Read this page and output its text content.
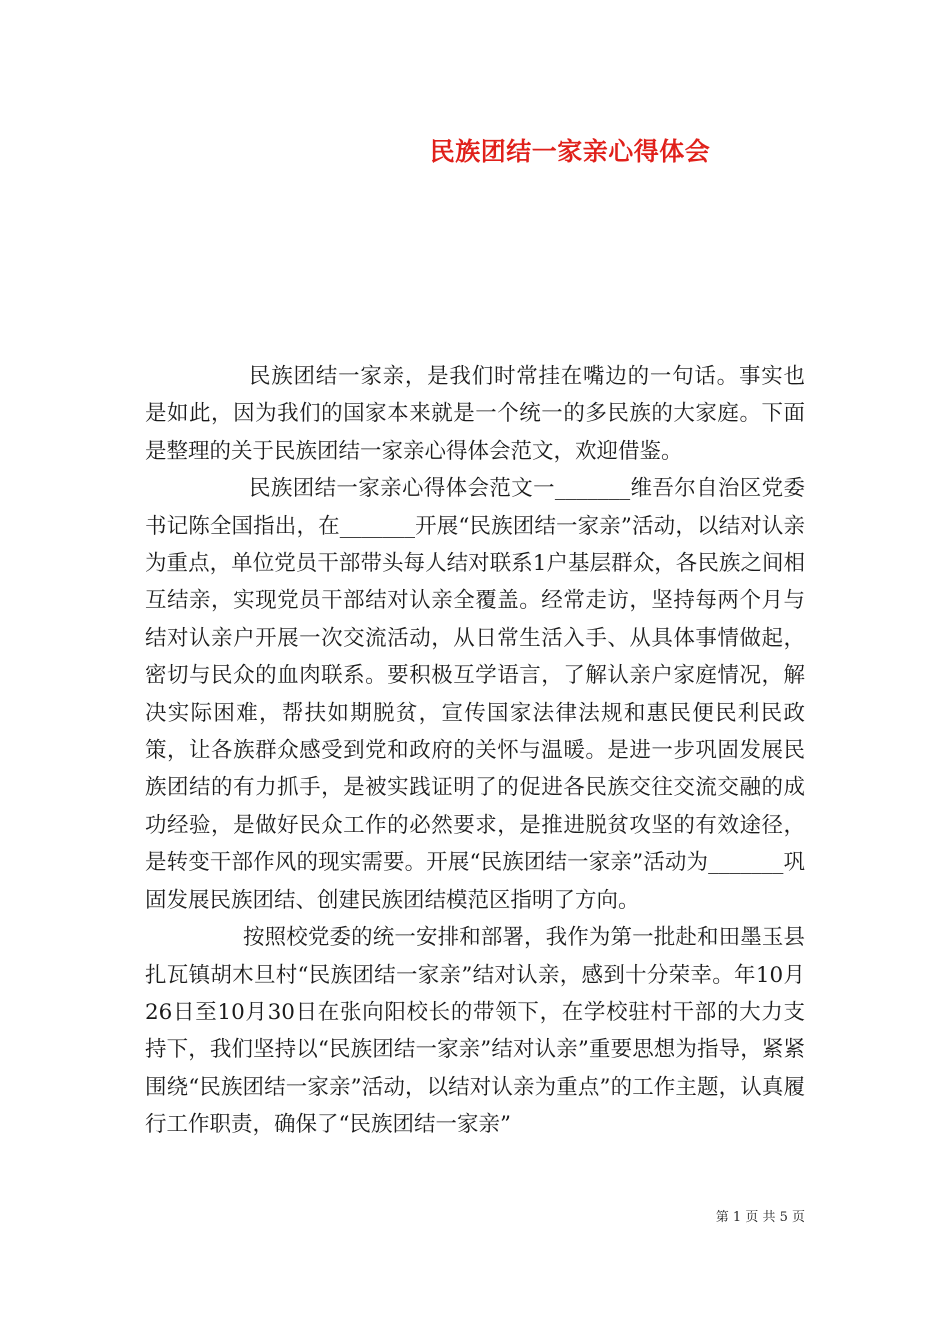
民族团结一家亲心得体会

民族团结一家亲，是我们时常挂在嘴边的一句话。事实也是如此，因为我们的国家本来就是一个统一的多民族的大家庭。下面是整理的关于民族团结一家亲心得体会范文，欢迎借鉴。

民族团结一家亲心得体会范文一_______维吾尔自治区党委书记陈全国指出，在_______开展“民族团结一家亲”活动，以结对认亲为重点，单位党员干部带头每人结对联系1户基层群众，各民族之间相互结亲，实现党员干部结对认亲全覆盖。经常走访，坚持每两个月与结对认亲户开展一次交流活动，从日常生活入手、从具体事情做起，密切与民众的血肉联系。要积极互学语言，了解认亲户家庭情况，解决实际困难，帮扶如期脱贫，宣传国家法律法规和惠民便民利民政策，让各族群众感受到党和政府的关怀与温暖。是进一步巩固发展民族团结的有力抓手，是被实践证明了的促进各民族交往交流交融的成功经验，是做好民众工作的必然要求，是推进脱贫攻坚的有效途径，是转变干部作风的现实需要。开展“民族团结一家亲”活动为_______巩固发展民族团结、创建民族团结模范区指明了方向。

按照校党委的统一安排和部署，我作为第一批赴和田墨玉县扎瓦镇胡木旦村“民族团结一家亲”结对认亲，感到十分荣幸。年10月26日至10月30日在张向阳校长的带领下，在学校驻村干部的大力支持下，我们坚持以“民族团结一家亲”结对认亲”重要思想为指导，紧紧围绕“民族团结一家亲”活动，以结对认亲为重点”的工作主题，认真履行工作职责，确保了“民族团结一家亲”

第 1 页 共 5 页
